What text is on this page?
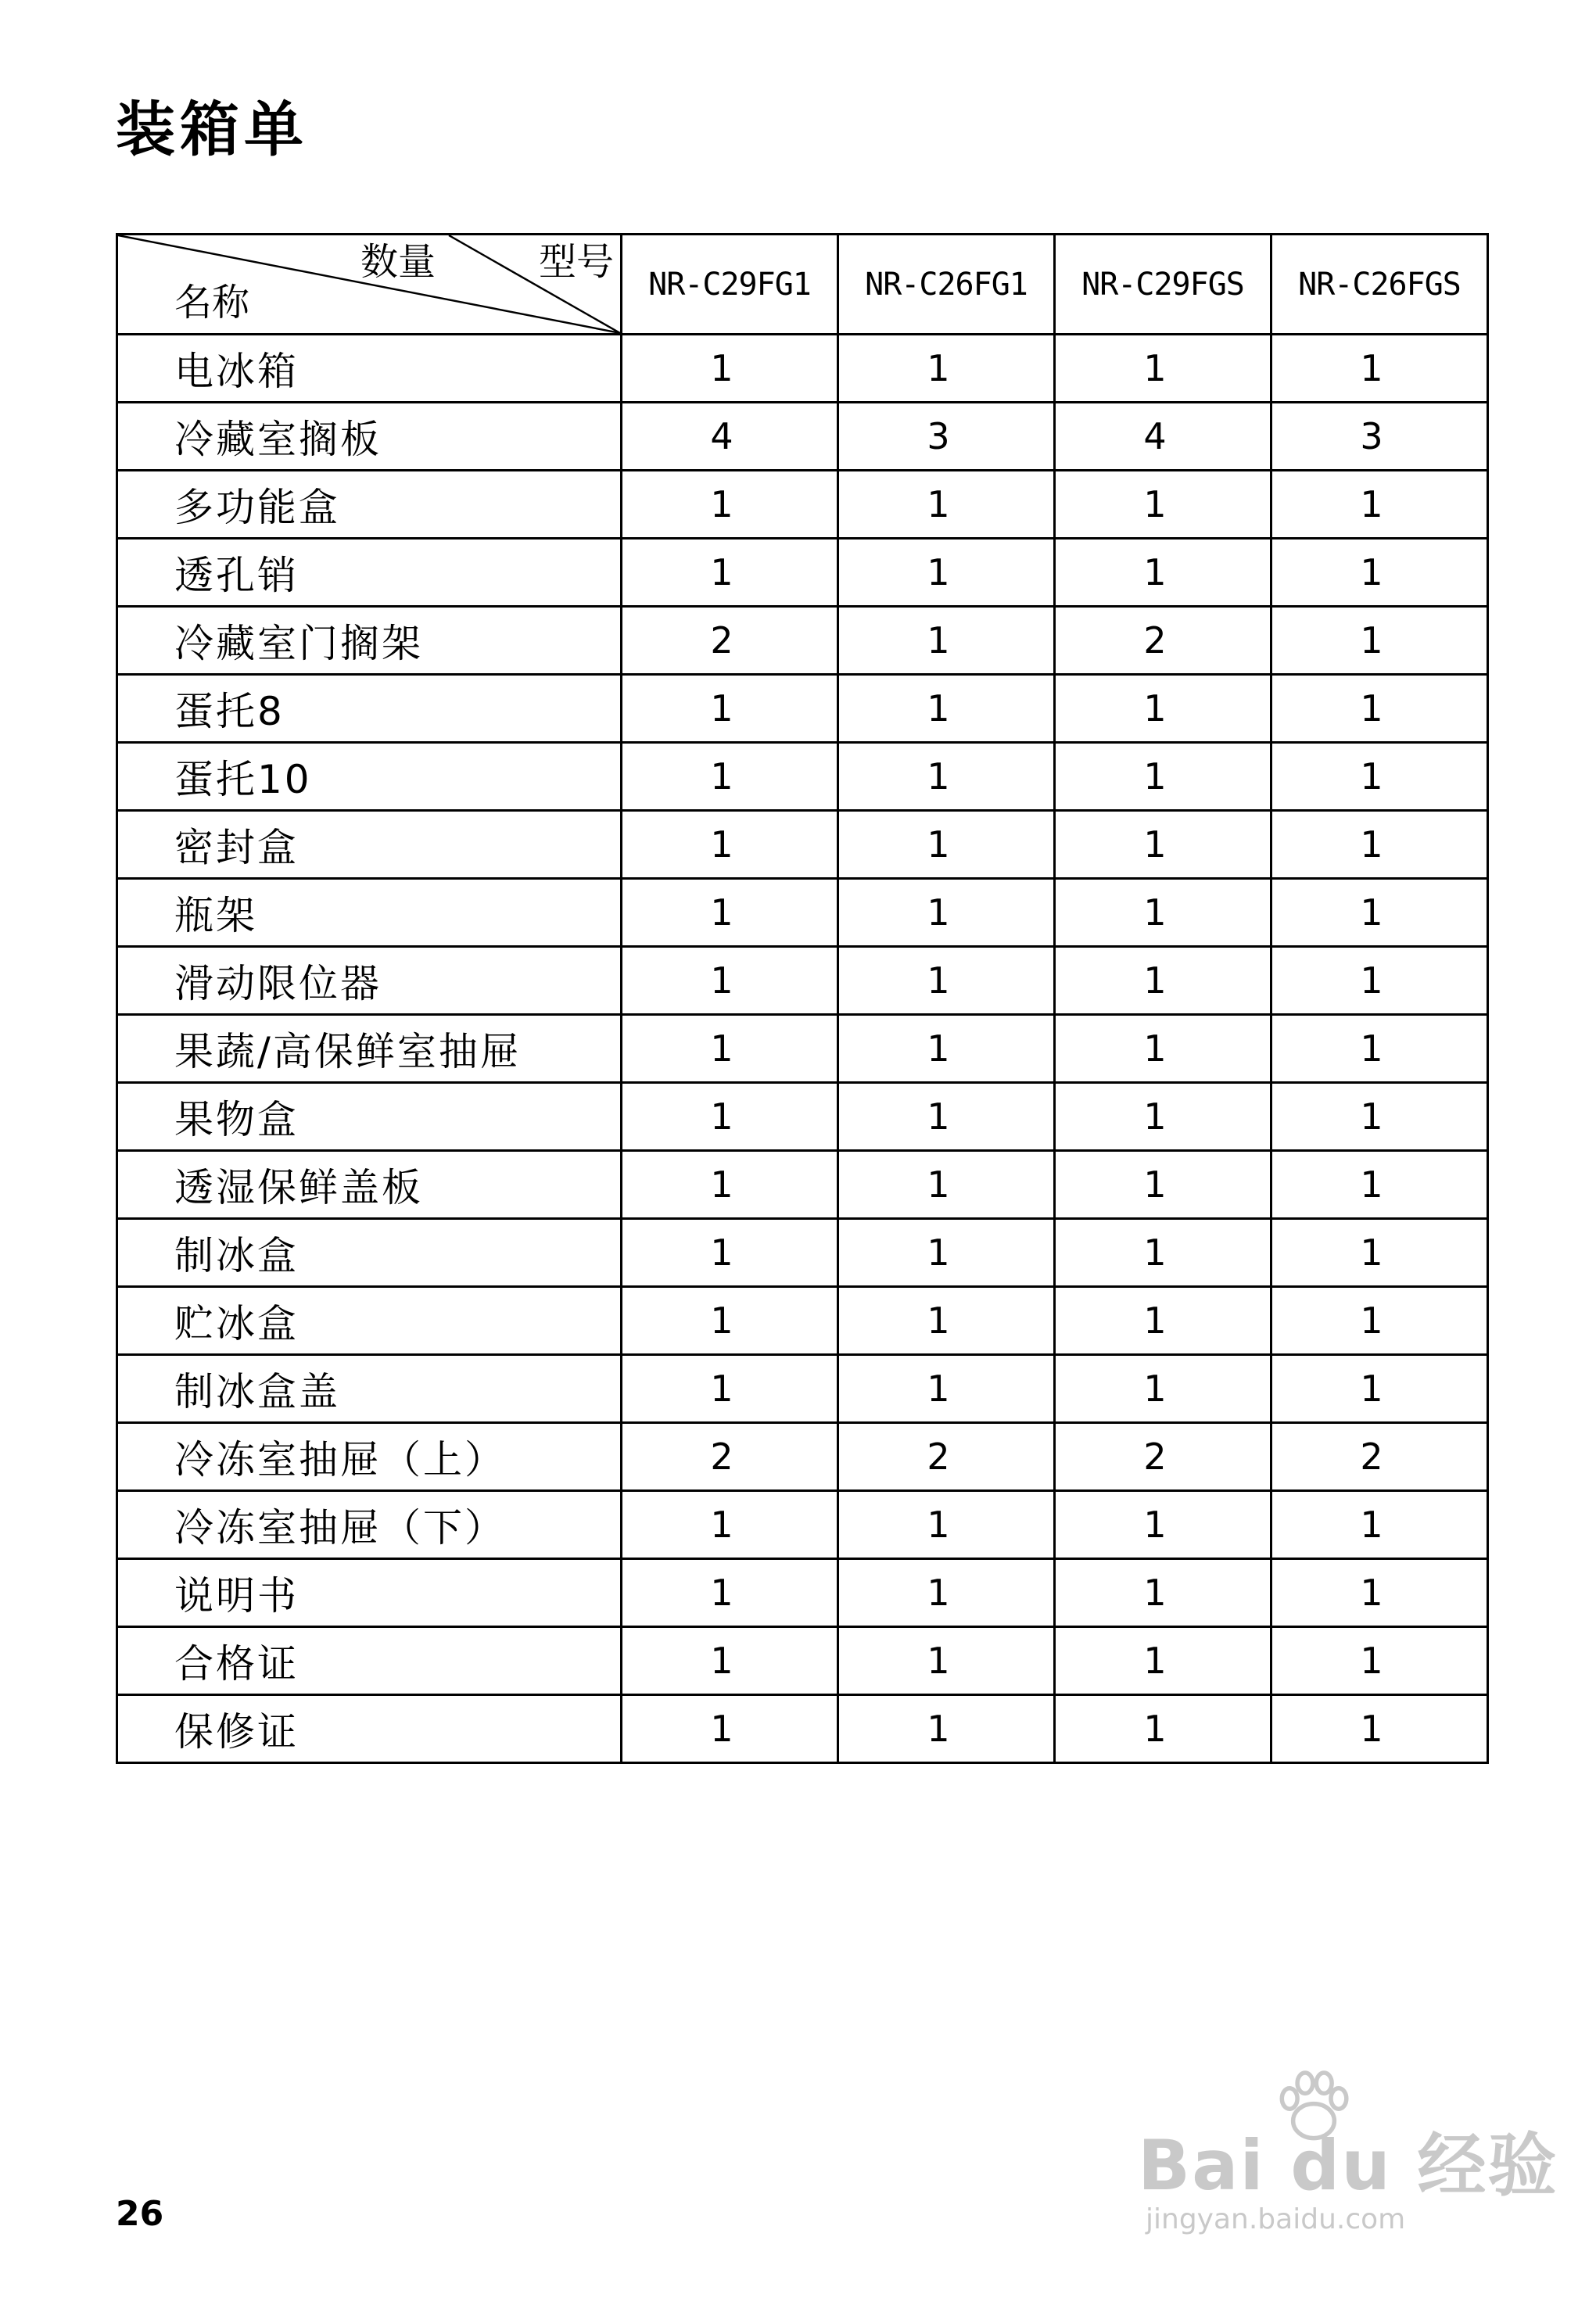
装箱单
数量 型号
名称	NR-C29FG1	NR-C26FG1	NR-C29FGS	NR-C26FGS
电冰箱	1	1	1	1
冷藏室搁板	4	3	4	3
多功能盒	1	1	1	1
透孔销	1	1	1	1
冷藏室门搁架	2	1	2	1
蛋托8	1	1	1	1
蛋托10	1	1	1	1
密封盒	1	1	1	1
瓶架	1	1	1	1
滑动限位器	1	1	1	1
果蔬/高保鲜室抽屉	1	1	1	1
果物盒	1	1	1	1
透湿保鲜盖板	1	1	1	1
制冰盒	1	1	1	1
贮冰盒	1	1	1	1
制冰盒盖	1	1	1	1
冷冻室抽屉（上）	2	2	2	2
冷冻室抽屉（下）	1	1	1	1
说明书	1	1	1	1
合格证	1	1	1	1
保修证	1	1	1	1
26
Bai du 经验
jingyan.baidu.com
